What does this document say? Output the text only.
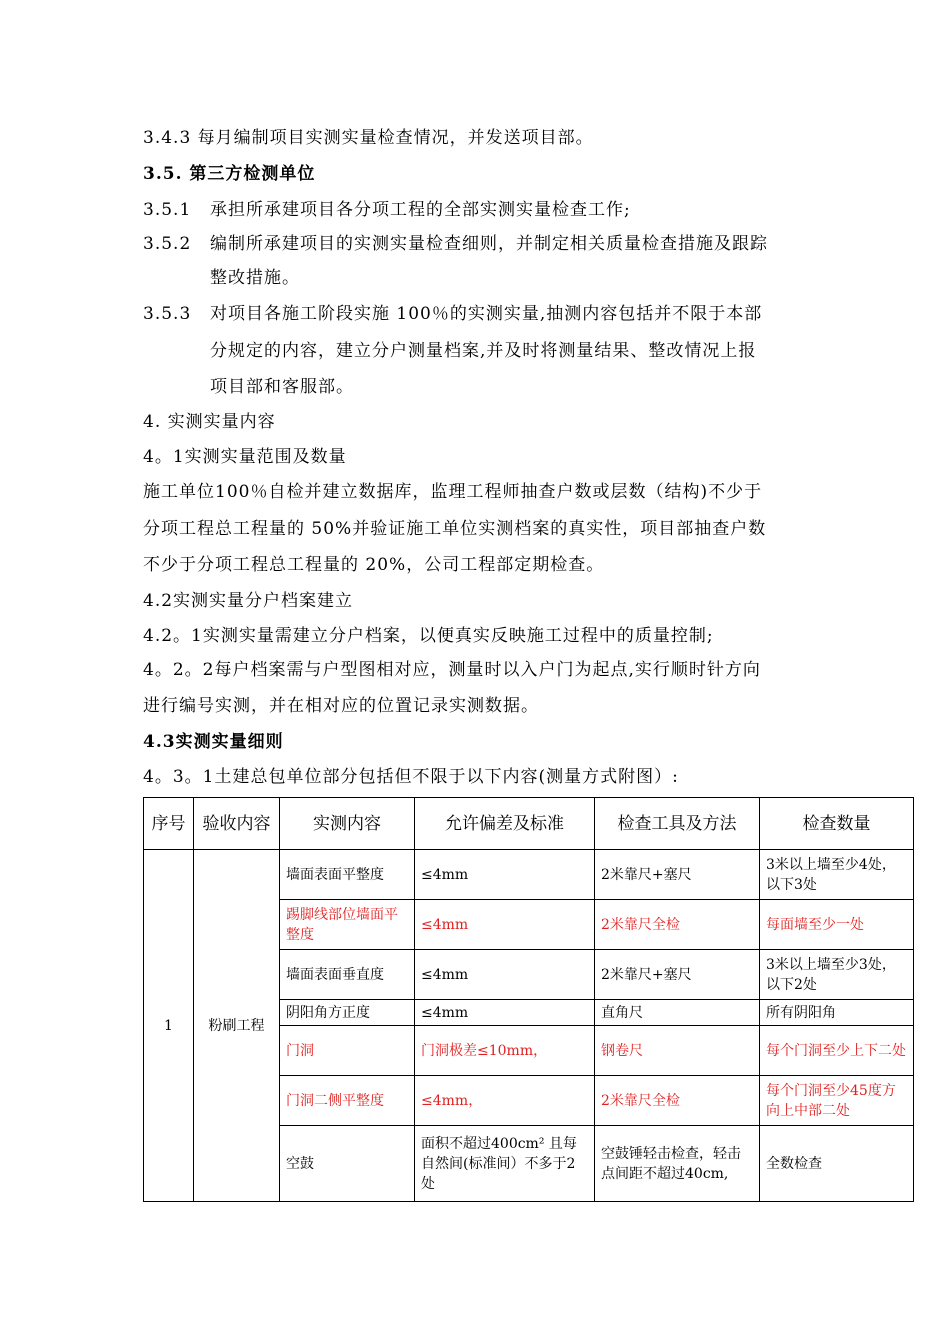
3.4.3 每月编制项目实测实量检查情况，并发送项目部。
3.5. 第三方检测单位
3.5.1 承担所承建项目各分项工程的全部实测实量检查工作;
3.5.2 编制所承建项目的实测实量检查细则，并制定相关质量检查措施及跟踪
整改措施。
3.5.3 对项目各施工阶段实施 100％的实测实量,抽测内容包括并不限于本部
分规定的内容，建立分户测量档案,并及时将测量结果、整改情况上报
项目部和客服部。
4. 实测实量内容
4。1实测实量范围及数量
施工单位100％自检并建立数据库，监理工程师抽查户数或层数（结构)不少于
分项工程总工程量的 50%并验证施工单位实测档案的真实性，项目部抽查户数
不少于分项工程总工程量的 20%，公司工程部定期检查。
4.2实测实量分户档案建立
4.2。1实测实量需建立分户档案，以便真实反映施工过程中的质量控制;
4。2。2每户档案需与户型图相对应，测量时以入户门为起点,实行顺时针方向
进行编号实测，并在相对应的位置记录实测数据。
4.3实测实量细则
4。3。1土建总包单位部分包括但不限于以下内容(测量方式附图）:
序号	验收内容	实测内容	允许偏差及标准	检查工具及方法	检查数量
1	粉刷工程	墙面表面平整度	≤4mm	2米靠尺+塞尺	3米以上墙至少4处，以下3处
		踢脚线部位墙面平整度	≤4mm	2米靠尺全检	每面墙至少一处
		墙面表面垂直度	≤4mm	2米靠尺+塞尺	3米以上墙至少3处，以下2处
		阴阳角方正度	≤4mm	直角尺	所有阴阳角
		门洞	门洞极差≤10mm，	钢卷尺	每个门洞至少上下二处
		门洞二侧平整度	≤4mm，	2米靠尺全检	每个门洞至少45度方向上中部二处
		空鼓	面积不超过400cm² 且每自然间(标准间）不多于2处	空鼓锤轻击检查，轻击点间距不超过40cm,	全数检查
